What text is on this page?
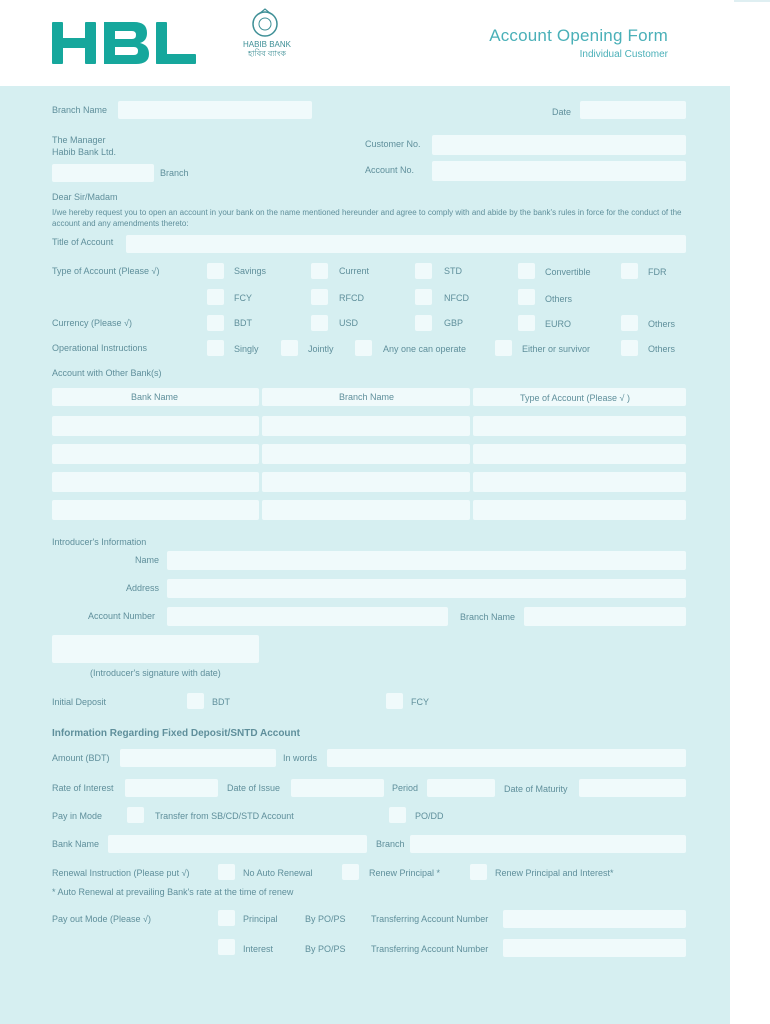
HABIB BANK
হাবিব ব্যাংক
Account Opening Form
Individual Customer
Branch Name	Date
The Manager
Habib Bank Ltd.
Customer No.
Branch	Account No.
Dear Sir/Madam
I/we hereby request you to open an account in your bank on the name mentioned hereunder and agree to comply with and abide by the bank's rules in force for the conduct of the account and any amendments thereto:
Title of Account
Type of Account (Please √)	Savings	Current	STD	Convertible	FDR
FCY	RFCD	NFCD	Others
Currency (Please √)	BDT	USD	GBP	EURO	Others
Operational Instructions	Singly	Jointly	Any one can operate	Either or survivor	Others
Account with Other Bank(s)
Bank Name	Branch Name	Type of Account (Please √ )
Introducer's Information
Name
Address
Account Number	Branch Name
(Introducer's signature with date)
Initial Deposit	BDT	FCY
Information Regarding Fixed Deposit/SNTD Account
Amount (BDT)	In words
Rate of Interest	Date of Issue	Period	Date of Maturity
Pay in Mode	Transfer from SB/CD/STD Account	PO/DD
Bank Name	Branch
Renewal Instruction (Please put √)	No Auto Renewal	Renew Principal *	Renew Principal and Interest*
* Auto Renewal at prevailing Bank's rate at the time of renew
Pay out Mode (Please √)	Principal	By PO/PS	Transferring Account Number
Interest	By PO/PS	Transferring Account Number
